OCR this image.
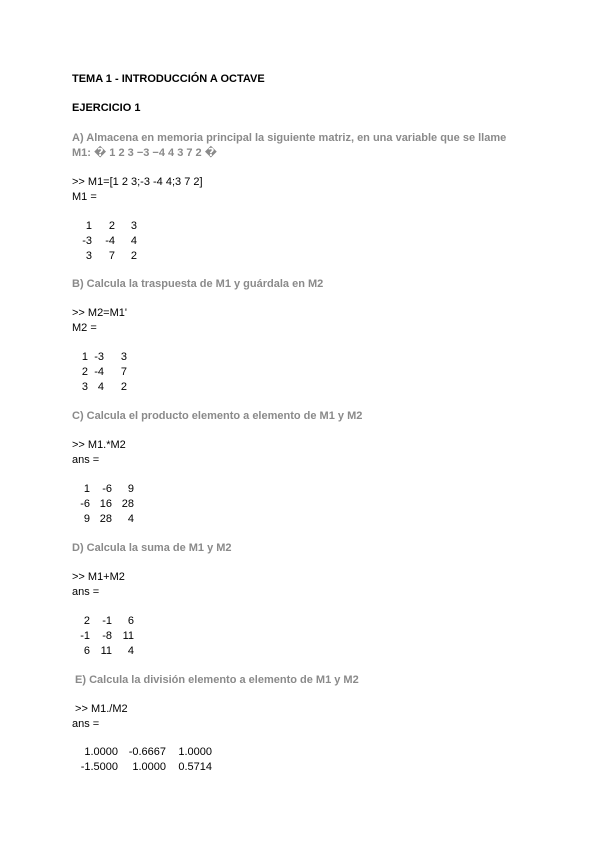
TEMA 1 - INTRODUCCIÓN A OCTAVE
EJERCICIO 1
A) Almacena en memoria principal la siguiente matriz, en una variable que se llame
M1: � 1 2 3 −3 −4 4 3 7 2 �
>> M1=[1 2 3;-3 -4 4;3 7 2]
M1 =
1	2	3
-3	-4	4
3	7	2
B) Calcula la traspuesta de M1 y guárdala en M2
>> M2=M1'
M2 =
1 -3	3
2 -4	7
3 4	2
C) Calcula el producto elemento a elemento de M1 y M2
>> M1.*M2
ans =
1	-6	9
-6 16 28
9 28	4
D) Calcula la suma de M1 y M2
>> M1+M2
ans =
2	-1	6
-1	-8 11
6 11	4
E) Calcula la división elemento a elemento de M1 y M2
>> M1./M2
ans =
1.0000 -0.6667	1.0000
-1.5000	1.0000	0.5714
